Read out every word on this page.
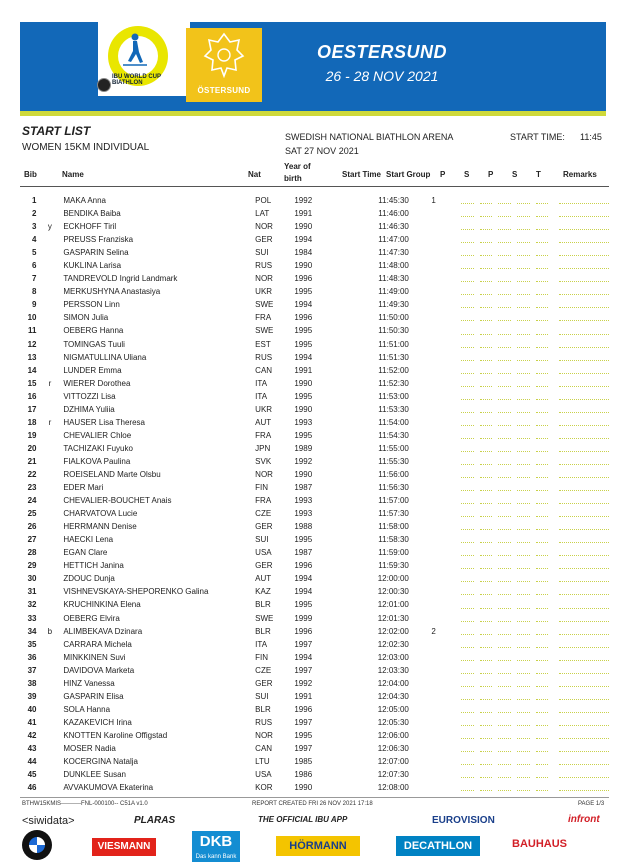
IBU WORLD CUP BIATHLON
ÖSTERSUND
OESTERSUND
26 - 28 NOV 2021
START LIST
WOMEN 15KM INDIVIDUAL
SWEDISH NATIONAL BIATHLON ARENA
SAT 27 NOV 2021
START TIME: 11:45
Bib	Name	Nat
Year of
birth	Start Time Start Group P S P S T	Remarks
1		MAKA Anna	POL	1992	11:45:30	1						
2		BENDIKA Baiba	LAT	1991	11:46:00							
3	y	ECKHOFF Tiril	NOR	1990	11:46:30							
4		PREUSS Franziska	GER	1994	11:47:00							
5		GASPARIN Selina	SUI	1984	11:47:30							
6		KUKLINA Larisa	RUS	1990	11:48:00							
7		TANDREVOLD Ingrid Landmark	NOR	1996	11:48:30							
8		MERKUSHYNA Anastasiya	UKR	1995	11:49:00							
9		PERSSON Linn	SWE	1994	11:49:30							
10		SIMON Julia	FRA	1996	11:50:00							
11		OEBERG Hanna	SWE	1995	11:50:30							
12		TOMINGAS Tuuli	EST	1995	11:51:00							
13		NIGMATULLINA Uliana	RUS	1994	11:51:30							
14		LUNDER Emma	CAN	1991	11:52:00							
15	r	WIERER Dorothea	ITA	1990	11:52:30							
16		VITTOZZI Lisa	ITA	1995	11:53:00							
17		DZHIMA Yuliia	UKR	1990	11:53:30							
18	r	HAUSER Lisa Theresa	AUT	1993	11:54:00							
19		CHEVALIER Chloe	FRA	1995	11:54:30							
20		TACHIZAKI Fuyuko	JPN	1989	11:55:00							
21		FIALKOVA Paulina	SVK	1992	11:55:30							
22		ROEISELAND Marte Olsbu	NOR	1990	11:56:00							
23		EDER Mari	FIN	1987	11:56:30							
24		CHEVALIER-BOUCHET Anais	FRA	1993	11:57:00							
25		CHARVATOVA Lucie	CZE	1993	11:57:30							
26		HERRMANN Denise	GER	1988	11:58:00							
27		HAECKI Lena	SUI	1995	11:58:30							
28		EGAN Clare	USA	1987	11:59:00							
29		HETTICH Janina	GER	1996	11:59:30							
30		ZDOUC Dunja	AUT	1994	12:00:00							
31		VISHNEVSKAYA-SHEPORENKO Galina	KAZ	1994	12:00:30							
32		KRUCHINKINA Elena	BLR	1995	12:01:00							
33		OEBERG Elvira	SWE	1999	12:01:30							
34	b	ALIMBEKAVA Dzinara	BLR	1996	12:02:00	2						
35		CARRARA Michela	ITA	1997	12:02:30							
36		MINKKINEN Suvi	FIN	1994	12:03:00							
37		DAVIDOVA Marketa	CZE	1997	12:03:30							
38		HINZ Vanessa	GER	1992	12:04:00							
39		GASPARIN Elisa	SUI	1991	12:04:30							
40		SOLA Hanna	BLR	1996	12:05:00							
41		KAZAKEVICH Irina	RUS	1997	12:05:30							
42		KNOTTEN Karoline Offigstad	NOR	1995	12:06:00							
43		MOSER Nadia	CAN	1997	12:06:30							
44		KOCERGINA Natalja	LTU	1985	12:07:00							
45		DUNKLEE Susan	USA	1986	12:07:30							
46		AVVAKUMOVA Ekaterina	KOR	1990	12:08:00							
BTHW15KMIS----------FNL-000100-- C51A v1.0	REPORT CREATED FRI 26 NOV 2021 17:18	PAGE 1/3
<siwidata>	PLARAS	THE OFFICIAL IBU APP	EUROVISION	infront
VIESMANN	DKB
Das kann Bank
HÖRMANN	DECATHLON	BAUHAUS
